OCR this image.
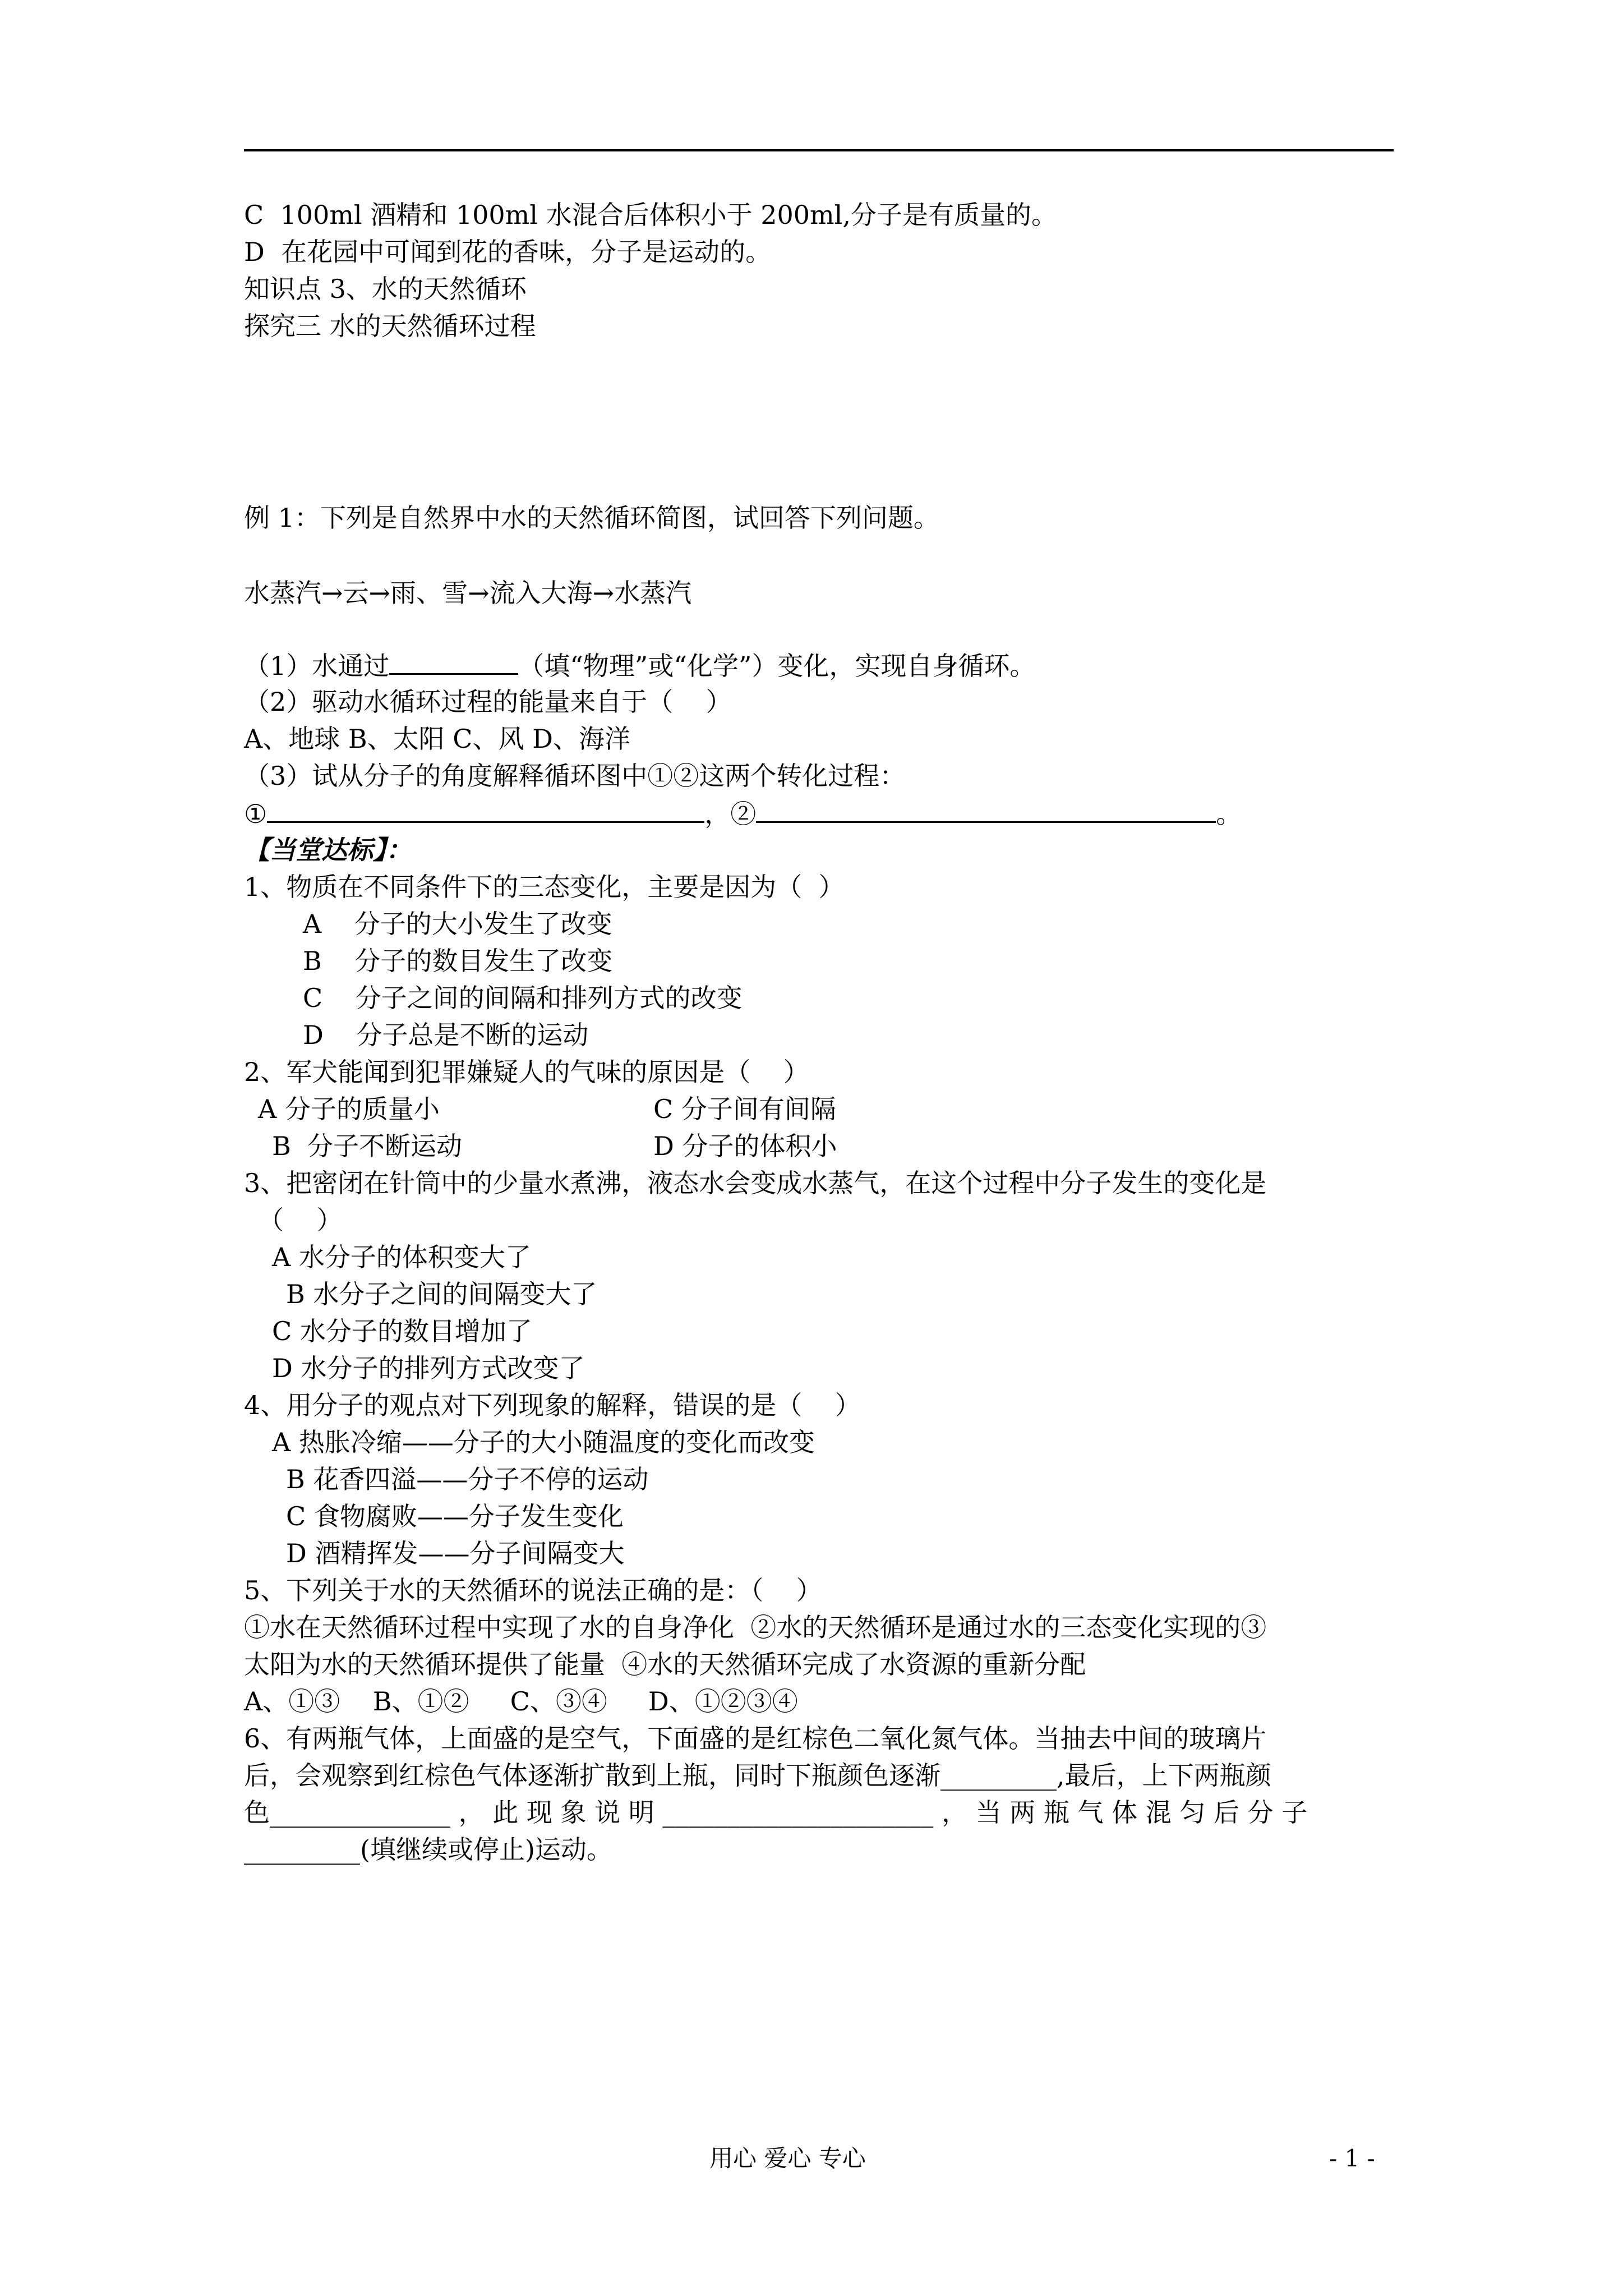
C  100ml 酒精和 100ml 水混合后体积小于 200ml,分子是有质量的。
D  在花园中可闻到花的香味，分子是运动的。
知识点 3、水的天然循环
探究三 水的天然循环过程
例 1：下列是自然界中水的天然循环简图，试回答下列问题。
水蒸汽→云→雨、雪→流入大海→水蒸汽
（1）水通过	（填“物理”或“化学”）变化，实现自身循环。
（2）驱动水循环过程的能量来自于（    ）
A、地球 B、太阳 C、风 D、海洋
（3）试从分子的角度解释循环图中①②这两个转化过程：
①	，②	。
【当堂达标】：
1、物质在不同条件下的三态变化，主要是因为（  ）
A    分子的大小发生了改变
B    分子的数目发生了改变
C    分子之间的间隔和排列方式的改变
D    分子总是不断的运动
2、军犬能闻到犯罪嫌疑人的气味的原因是（    ）
A 分子的质量小	C 分子间有间隔
B  分子不断运动	D 分子的体积小
3、把密闭在针筒中的少量水煮沸，液态水会变成水蒸气，在这个过程中分子发生的变化是
（    ）
A 水分子的体积变大了
B 水分子之间的间隔变大了
C 水分子的数目增加了
D 水分子的排列方式改变了
4、用分子的观点对下列现象的解释，错误的是（    ）
A 热胀冷缩——分子的大小随温度的变化而改变
B 花香四溢——分子不停的运动
C 食物腐败——分子发生变化
D 酒精挥发——分子间隔变大
5、下列关于水的天然循环的说法正确的是：（    ）
①水在天然循环过程中实现了水的自身净化  ②水的天然循环是通过水的三态变化实现的③
太阳为水的天然循环提供了能量  ④水的天然循环完成了水资源的重新分配
A、①③    B、①②     C、③④     D、①②③④
6、有两瓶气体，上面盛的是空气，下面盛的是红棕色二氧化氮气体。当抽去中间的玻璃片
后，会观察到红棕色气体逐渐扩散到上瓶，同时下瓶颜色逐渐_________,最后，上下两瓶颜
色______________ ， 此 现 象 说 明 _____________________ ， 当 两 瓶 气 体 混 匀 后 分 子
_________(填继续或停止)运动。
用心 爱心 专心	- 1 -
